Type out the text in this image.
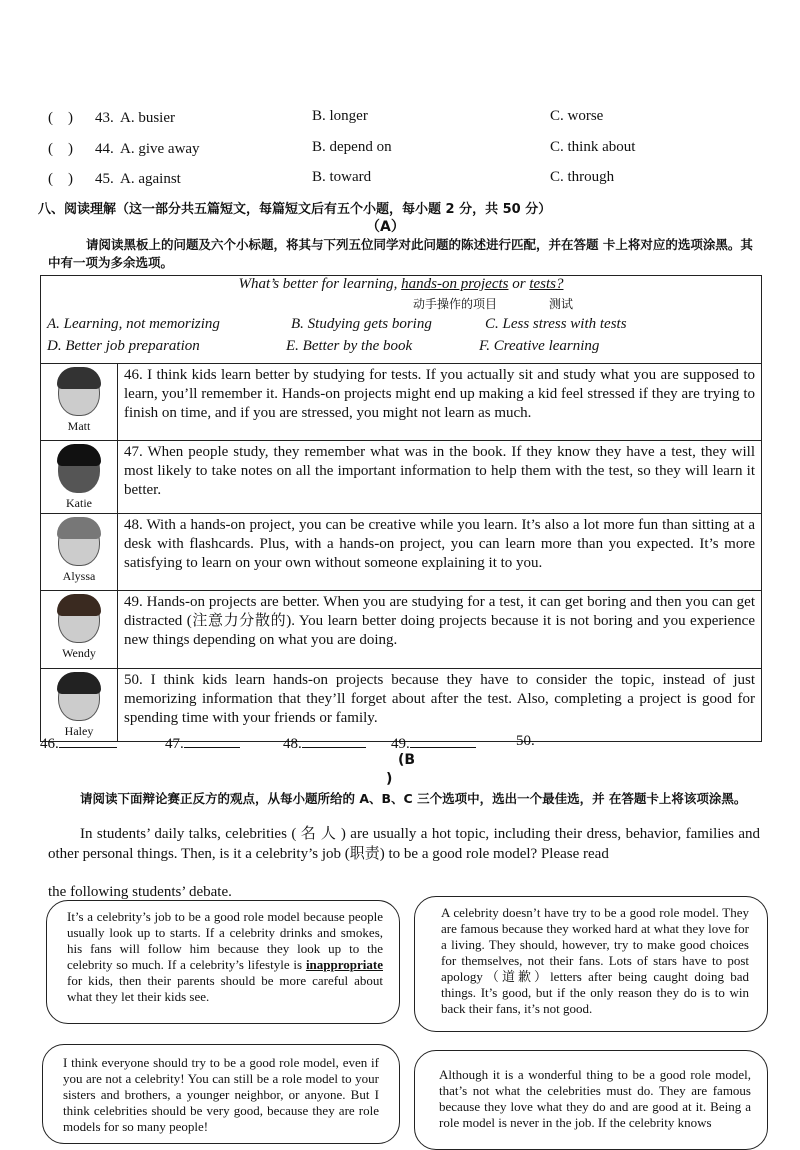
(    ) 43. A. busier	B. longer	C. worse
(    ) 44. A. give away	B. depend on	C. think about
(    ) 45. A. against	B. toward	C. through
八、阅读理解（这一部分共五篇短文，每篇短文后有五个小题，每小题 2 分，共 50 分）
（A）
请阅读黑板上的问题及六个小标题，将其与下列五位同学对此问题的陈述进行匹配，并在答题 卡上将对应的选项涂黑。其中有一项为多余选项。
What’s better for learning, hands-on projects or tests?
动手操作的项目	测试
A. Learning, not memorizing	B. Studying gets boring	C. Less stress with tests
D. Better job preparation	E. Better by the book	F. Creative learning
Matt	46. I think kids learn better by studying for tests. If you actually sit and study what you are supposed to learn, you’ll remember it. Hands-on projects might end up making a kid feel stressed if they are trying to finish on time, and if you are stressed, you might not learn as much.

Katie	47. When people study, they remember what was in the book. If they know they have a test, they will most likely to take notes on all the important information to help them with the test, so they will learn it better.

Alyssa	48. With a hands-on project, you can be creative while you learn. It’s also a lot more fun than sitting at a desk with flashcards. Plus, with a hands-on project, you can learn more than you expected. It’s more satisfying to learn on your own without someone explaining it to you.

Wendy	49. Hands-on projects are better. When you are studying for a test, it can get boring and then you can get distracted (注意力分散的). You learn better doing projects because it is not boring and you experience new things depending on what you are doing.

Haley	50. I think kids learn hands-on projects because they have to consider the topic, instead of just memorizing information that they’ll forget about after the test. Also, completing a project is good for spending time with your friends or family.
46.	47.	48.	49.	50.
(B
)
请阅读下面辩论赛正反方的观点，从每小题所给的 A、B、C 三个选项中，选出一个最佳选，并 在答题卡上将该项涂黑。
In students’ daily talks, celebrities ( 名 人 ) are usually a hot topic, including their dress, behavior, families and other personal things. Then, is it a celebrity’s job (职责) to be a good role model? Please read
the following students’ debate.
It’s a celebrity’s job to be a good role model because people usually look up to starts. If a celebrity drinks and smokes, his fans will follow him because they look up to the celebrity so much. If a celebrity’s lifestyle is inappropriate for kids, then their parents should be more careful about what they let their kids see.
A celebrity doesn’t have try to be a good role model. They are famous because they worked hard at what they love for a living. They should, however, try to make good choices for themselves, not their fans. Lots of stars have to post apology（道歉）letters after being caught doing bad things. It’s good, but if the only reason they do is to win back their fans, it’s not good.
I think everyone should try to be a good role model, even if you are not a celebrity! You can still be a role model to your sisters and brothers, a younger neighbor, or anyone. But I think celebrities should be very good, because they are role models for so many people!
Although it is a wonderful thing to be a good role model, that’s not what the celebrities must do. They are famous because they love what they do and are good at it. Being a role model is never in the job. If the celebrity knows
